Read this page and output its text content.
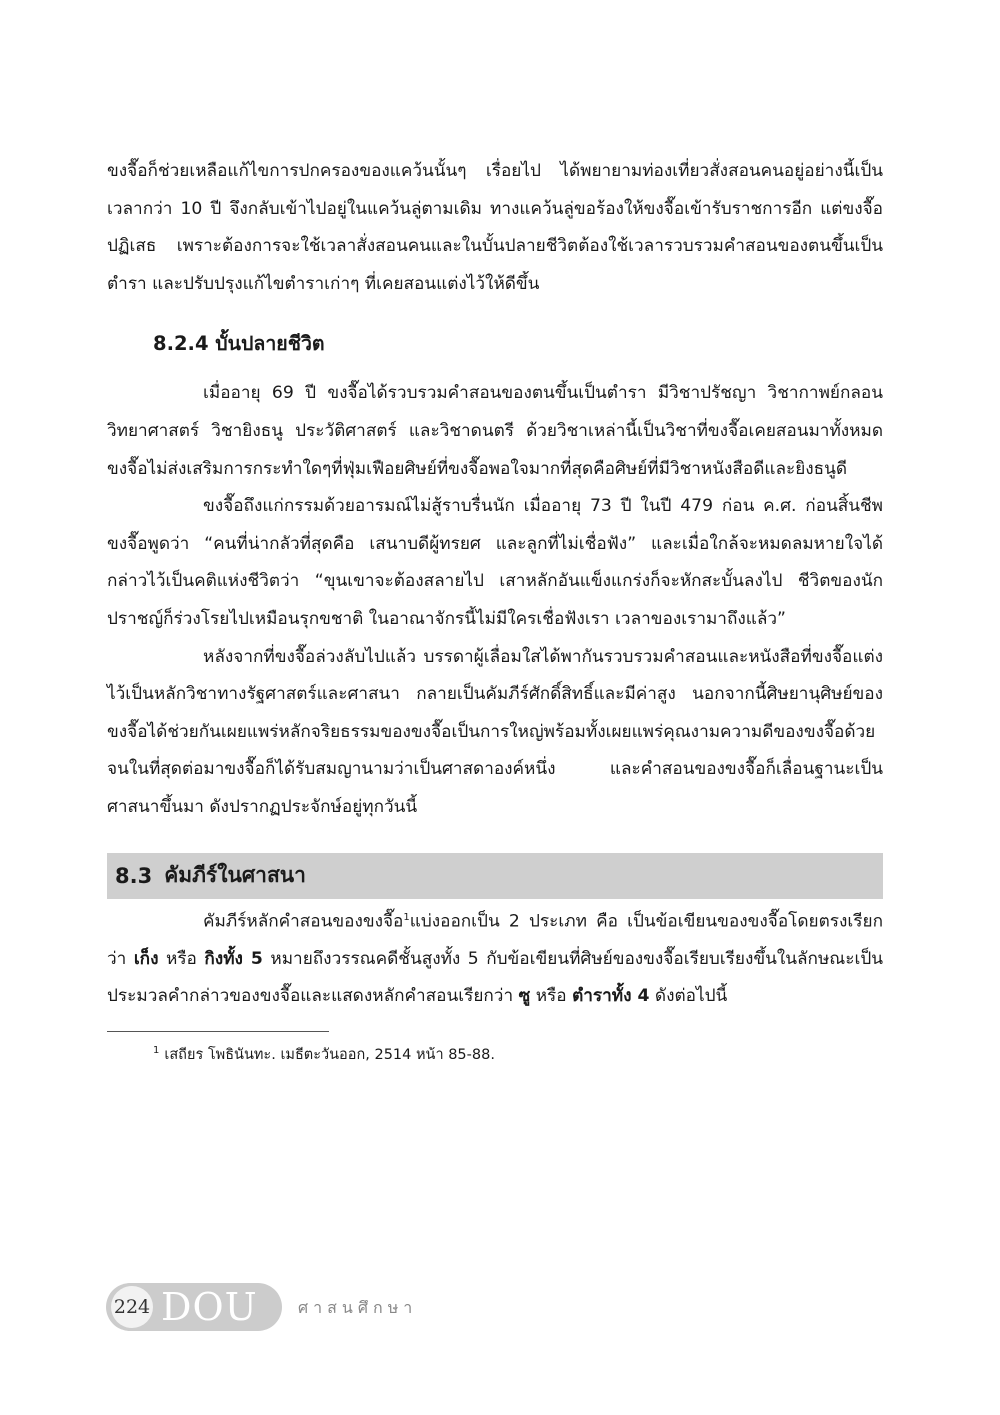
ขงจื๊อก็ช่วยเหลือแก้ไขการปกครองของแคว้นนั้นๆ เรื่อยไป ได้พยายามท่องเที่ยวสั่งสอนคนอยู่อย่างนี้เป็นเวลากว่า 10 ปี จึงกลับเข้าไปอยู่ในแคว้นลู่ตามเดิม ทางแคว้นลู่ขอร้องให้ขงจื๊อเข้ารับราชการอีก แต่ขงจื๊อปฏิเสธ เพราะต้องการจะใช้เวลาสั่งสอนคนและในบั้นปลายชีวิตต้องใช้เวลารวบรวมคำสอนของตนขึ้นเป็นตำรา และปรับปรุงแก้ไขตำราเก่าๆ ที่เคยสอนแต่งไว้ให้ดีขึ้น

8.2.4 บั้นปลายชีวิต

เมื่ออายุ 69 ปี ขงจื๊อได้รวบรวมคำสอนของตนขึ้นเป็นตำรา มีวิชาปรัชญา วิชากาพย์กลอน วิทยาศาสตร์ วิชายิงธนู ประวัติศาสตร์ และวิชาดนตรี ด้วยวิชาเหล่านี้เป็นวิชาที่ขงจื๊อเคยสอนมาทั้งหมดขงจื๊อไม่ส่งเสริมการกระทำใดๆที่ฟุ่มเฟือยศิษย์ที่ขงจื๊อพอใจมากที่สุดคือศิษย์ที่มีวิชาหนังสือดีและยิงธนูดี

ขงจื๊อถึงแก่กรรมด้วยอารมณ์ไม่สู้ราบรื่นนัก เมื่ออายุ 73 ปี ในปี 479 ก่อน ค.ศ. ก่อนสิ้นชีพขงจื๊อพูดว่า “คนที่น่ากลัวที่สุดคือ เสนาบดีผู้ทรยศ และลูกที่ไม่เชื่อฟัง” และเมื่อใกล้จะหมดลมหายใจได้กล่าวไว้เป็นคติแห่งชีวิตว่า “ขุนเขาจะต้องสลายไป เสาหลักอันแข็งแกร่งก็จะหักสะบั้นลงไป ชีวิตของนักปราชญ์ก็ร่วงโรยไปเหมือนรุกขชาติ ในอาณาจักรนี้ไม่มีใครเชื่อฟังเรา เวลาของเรามาถึงแล้ว”

หลังจากที่ขงจื๊อล่วงลับไปแล้ว บรรดาผู้เลื่อมใสได้พากันรวบรวมคำสอนและหนังสือที่ขงจื๊อแต่งไว้เป็นหลักวิชาทางรัฐศาสตร์และศาสนา กลายเป็นคัมภีร์ศักดิ์สิทธิ์และมีค่าสูง นอกจากนี้ศิษยานุศิษย์ของขงจื๊อได้ช่วยกันเผยแพร่หลักจริยธรรมของขงจื๊อเป็นการใหญ่พร้อมทั้งเผยแพร่คุณงามความดีของขงจื๊อด้วย จนในที่สุดต่อมาขงจื๊อก็ได้รับสมญานามว่าเป็นศาสดาองค์หนึ่ง และคำสอนของขงจื๊อก็เลื่อนฐานะเป็นศาสนาขึ้นมา ดังปรากฏประจักษ์อยู่ทุกวันนี้

8.3 คัมภีร์ในศาสนา

คัมภีร์หลักคำสอนของขงจื๊อ$^1$แบ่งออกเป็น 2 ประเภท คือ เป็นข้อเขียนของขงจื๊อโดยตรงเรียกว่า เก็ง หรือ กิงทั้ง 5 หมายถึงวรรณคดีชั้นสูงทั้ง 5 กับข้อเขียนที่ศิษย์ของขงจื๊อเรียบเรียงขึ้นในลักษณะเป็นประมวลคำกล่าวของขงจื๊อและแสดงหลักคำสอนเรียกว่า ซู หรือ ตำราทั้ง 4 ดังต่อไปนี้

$^1$ เสถียร โพธินันทะ. เมธีตะวันออก, 2514 หน้า 85-88.
224 DOU	ศาสนศึกษา
